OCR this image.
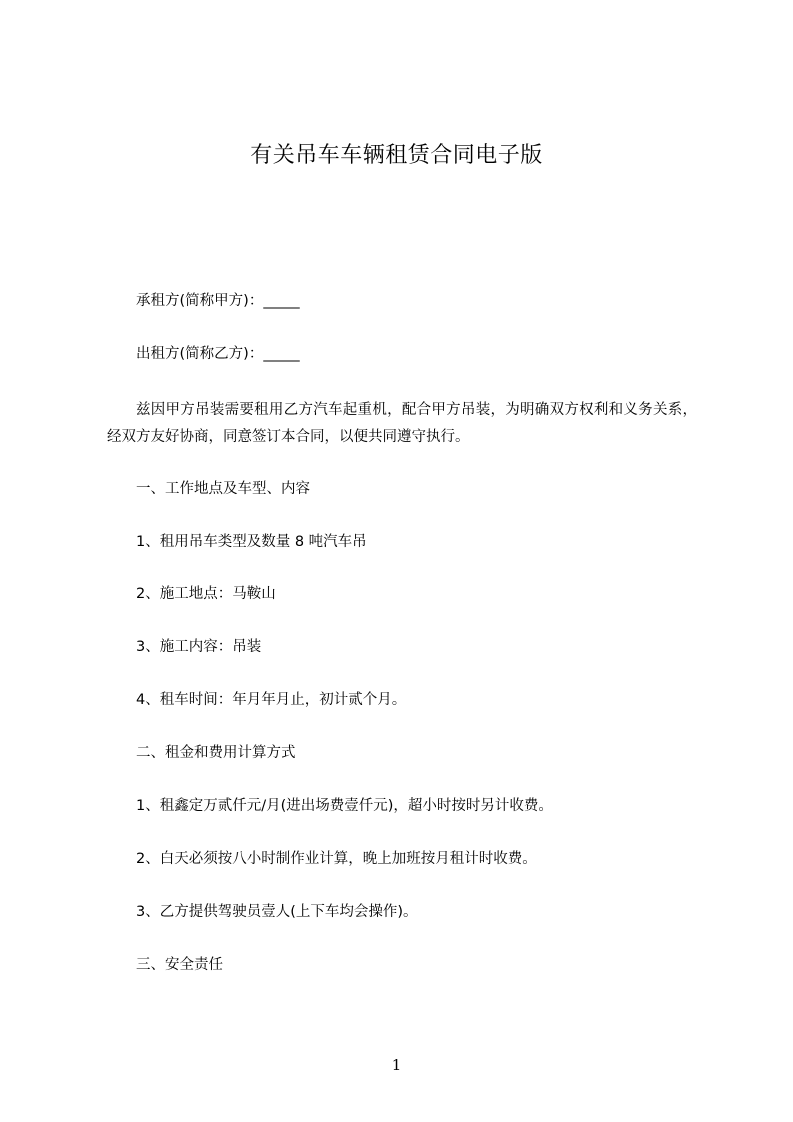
有关吊车车辆租赁合同电子版
承租方(简称甲方)：_____
出租方(简称乙方)：_____
兹因甲方吊装需要租用乙方汽车起重机，配合甲方吊装，为明确双方权利和义务关系，经双方友好协商，同意签订本合同，以便共同遵守执行。
一、工作地点及车型、内容
1、租用吊车类型及数量 8 吨汽车吊
2、施工地点：马鞍山
3、施工内容：吊装
4、租车时间：年月年月止，初计贰个月。
二、租金和费用计算方式
1、租鑫定万贰仟元/月(进出场费壹仟元)，超小时按时另计收费。
2、白天必须按八小时制作业计算，晚上加班按月租计时收费。
3、乙方提供驾驶员壹人(上下车均会操作)。
三、安全责任
1
